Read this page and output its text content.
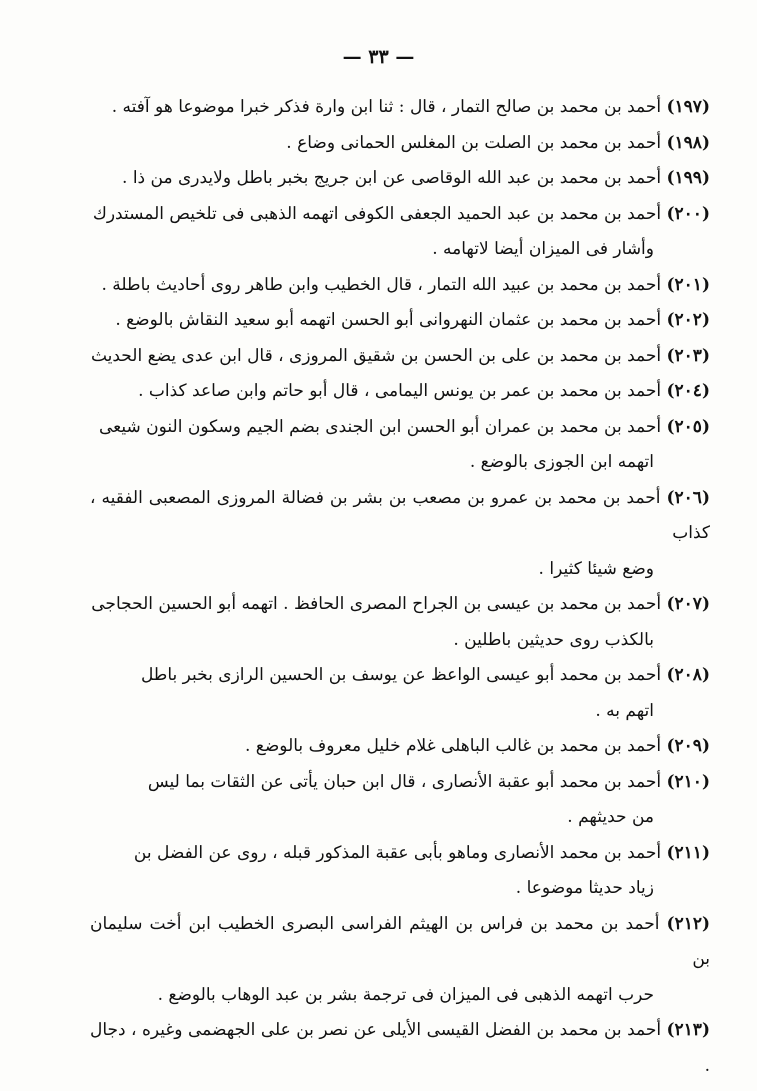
— ٣٣ —

(١٩٧) أحمد بن محمد بن صالح التمار ، قال : ثنا ابن وارة فذكر خبرا موضوعا هو آفته .

(١٩٨) أحمد بن محمد بن الصلت بن المغلس الحمانى وضاع .

(١٩٩) أحمد بن محمد بن عبد الله الوقاصى عن ابن جريج بخبر باطل ولايدرى من ذا .

(٢٠٠) أحمد بن محمد بن عبد الحميد الجعفى الكوفى اتهمه الذهبى فى تلخيص المستدرك
وأشار فى الميزان أيضا لاتهامه .

(٢٠١) أحمد بن محمد بن عبيد الله التمار ، قال الخطيب وابن طاهر روى أحاديث باطلة .

(٢٠٢) أحمد بن محمد بن عثمان النهروانى أبو الحسن اتهمه أبو سعيد النقاش بالوضع .

(٢٠٣) أحمد بن محمد بن على بن الحسن بن شقيق المروزى ، قال ابن عدى يضع الحديث

(٢٠٤) أحمد بن محمد بن عمر بن يونس اليمامى ، قال أبو حاتم وابن صاعد كذاب .

(٢٠٥) أحمد بن محمد بن عمران أبو الحسن ابن الجندى بضم الجيم وسكون النون شيعى
اتهمه ابن الجوزى بالوضع .

(٢٠٦) أحمد بن محمد بن عمرو بن مصعب بن بشر بن فضالة المروزى المصعبى الفقيه ، كذاب
وضع شيئا كثيرا .

(٢٠٧) أحمد بن محمد بن عيسى بن الجراح المصرى الحافظ . اتهمه أبو الحسين الحجاجى
بالكذب روى حديثين باطلين .

(٢٠٨) أحمد بن محمد أبو عيسى الواعظ عن يوسف بن الحسين الرازى بخبر باطل
اتهم به .

(٢٠٩) أحمد بن محمد بن غالب الباهلى غلام خليل معروف بالوضع .

(٢١٠) أحمد بن محمد أبو عقبة الأنصارى ، قال ابن حبان يأتى عن الثقات بما ليس
من حديثهم .

(٢١١) أحمد بن محمد الأنصارى وماهو بأبى عقبة المذكور قبله ، روى عن الفضل بن
زياد حديثا موضوعا .

(٢١٢) أحمد بن محمد بن فراس بن الهيثم الفراسى البصرى الخطيب ابن أخت سليمان بن
حرب اتهمه الذهبى فى الميزان فى ترجمة بشر بن عبد الوهاب بالوضع .

(٢١٣) أحمد بن محمد بن الفضل القيسى الأيلى عن نصر بن على الجهضمى وغيره ، دجال .
